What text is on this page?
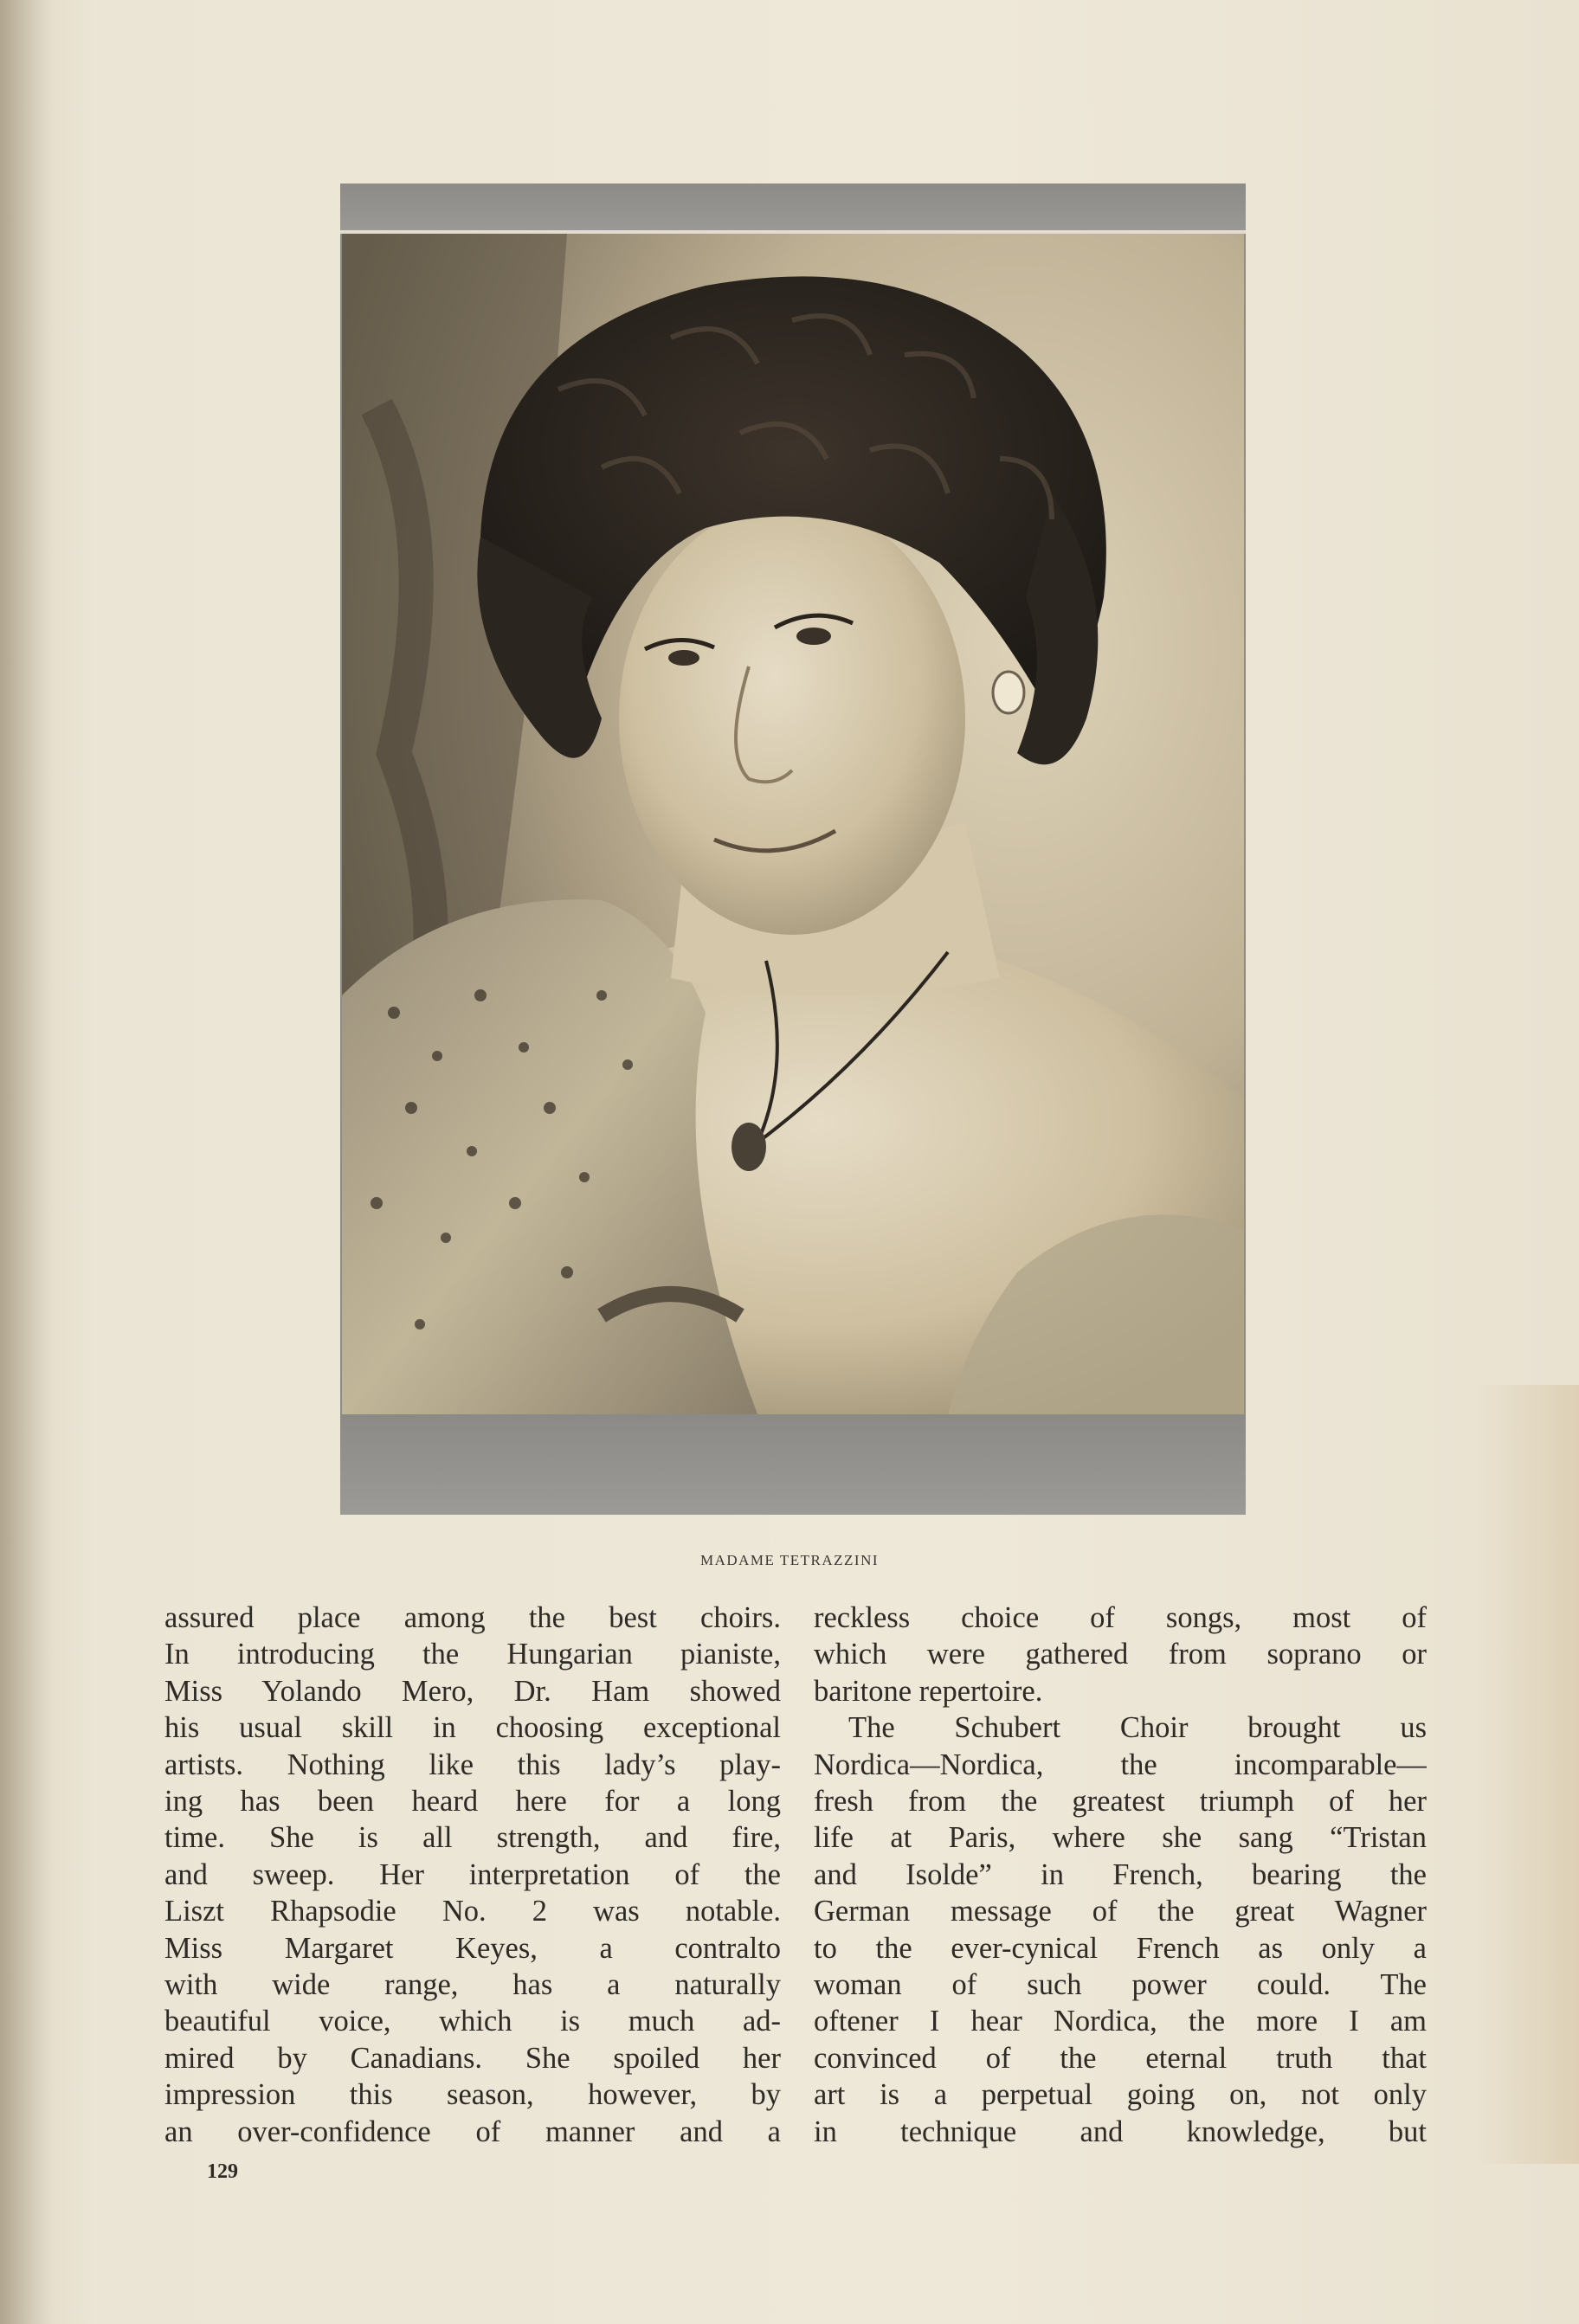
MADAME TETRAZZINI

assured place among the best choirs.
In introducing the Hungarian pianiste,
Miss Yolando Mero, Dr. Ham showed
his usual skill in choosing exceptional
artists. Nothing like this lady’s play-
ing has been heard here for a long
time. She is all strength, and fire,
and sweep. Her interpretation of the
Liszt Rhapsodie No. 2 was notable.
Miss Margaret Keyes, a contralto
with wide range, has a naturally
beautiful voice, which is much ad-
mired by Canadians. She spoiled her
impression this season, however, by
an over-confidence of manner and a

reckless choice of songs, most of
which were gathered from soprano or
baritone repertoire.

The Schubert Choir brought us
Nordica—Nordica, the incomparable—
fresh from the greatest triumph of her
life at Paris, where she sang “Tristan
and Isolde” in French, bearing the
German message of the great Wagner
to the ever-cynical French as only a
woman of such power could. The
oftener I hear Nordica, the more I am
convinced of the eternal truth that
art is a perpetual going on, not only
in technique and knowledge, but

129
